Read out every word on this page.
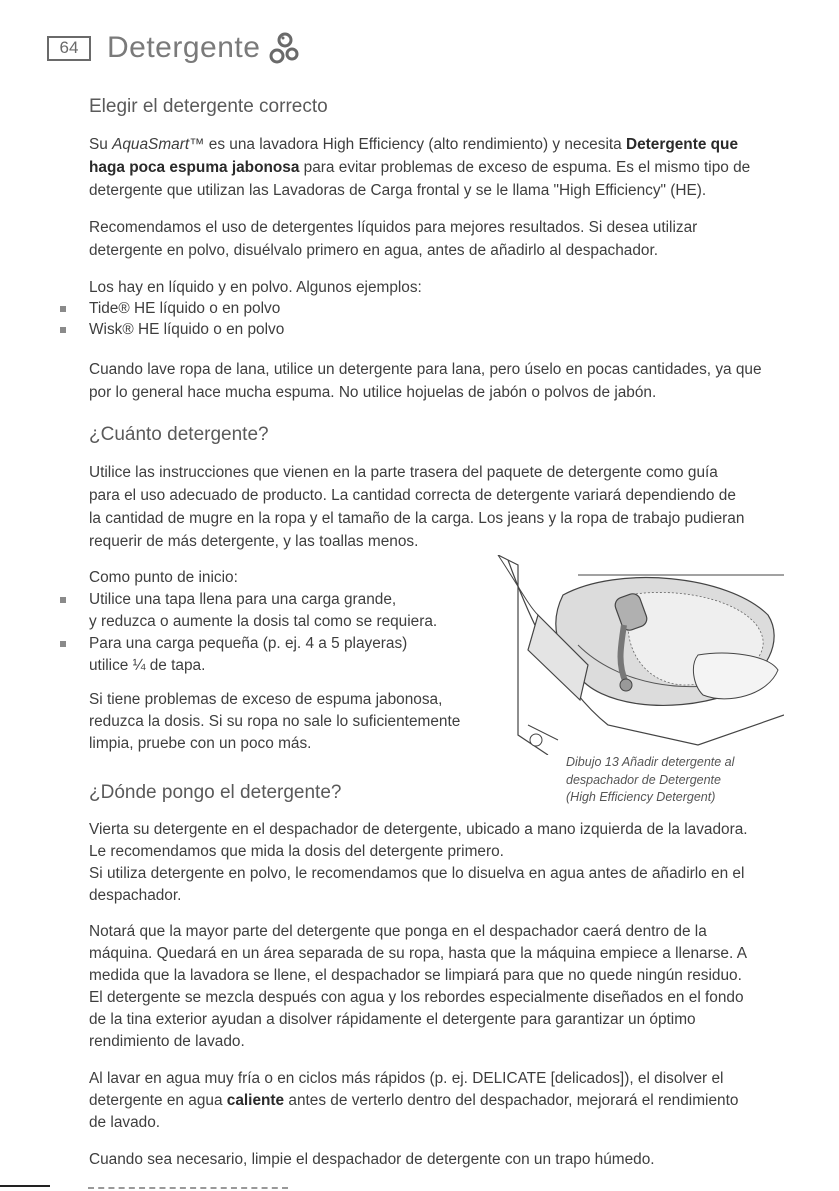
64 Detergente
Elegir el detergente correcto

Su AquaSmart™ es una lavadora High Efficiency (alto rendimiento) y necesita Detergente que

haga poca espuma jabonosa para evitar problemas de exceso de espuma. Es el mismo tipo de

detergente que utilizan las Lavadoras de Carga frontal y se le llama "High Efficiency" (HE).

Recomendamos el uso de detergentes líquidos para mejores resultados. Si desea utilizar

detergente en polvo, disuélvalo primero en agua, antes de añadirlo al despachador.

Los hay en líquido y en polvo. Algunos ejemplos:

Tide® HE líquido o en polvo
Wisk® HE líquido o en polvo

Cuando lave ropa de lana, utilice un detergente para lana, pero úselo en pocas cantidades, ya que

por lo general hace mucha espuma. No utilice hojuelas de jabón o polvos de jabón.

¿Cuánto detergente?

Utilice las instrucciones que vienen en la parte trasera del paquete de detergente como guía

para el uso adecuado de producto. La cantidad correcta de detergente variará dependiendo de

la cantidad de mugre en la ropa y el tamaño de la carga. Los jeans y la ropa de trabajo pudieran

requerir de más detergente, y las toallas menos.

Como punto de inicio:

Utilice una tapa llena para una carga grande,
y reduzca o aumente la dosis tal como se requiera.
Para una carga pequeña (p. ej. 4 a 5 playeras)
utilice ¼ de tapa.

Si tiene problemas de exceso de espuma jabonosa,

reduzca la dosis. Si su ropa no sale lo suficientemente

limpia, pruebe con un poco más.

Dibujo 13 Añadir detergente al
despachador de Detergente
(High Efficiency Detergent)
¿Dónde pongo el detergente?

Vierta su detergente en el despachador de detergente, ubicado a mano izquierda de la lavadora.

Le recomendamos que mida la dosis del detergente primero.

Si utiliza detergente en polvo, le recomendamos que lo disuelva en agua antes de añadirlo en el

despachador.

Notará que la mayor parte del detergente que ponga en el despachador caerá dentro de la

máquina. Quedará en un área separada de su ropa, hasta que la máquina empiece a llenarse. A

medida que la lavadora se llene, el despachador se limpiará para que no quede ningún residuo.

El detergente se mezcla después con agua y los rebordes especialmente diseñados en el fondo

de la tina exterior ayudan a disolver rápidamente el detergente para garantizar un óptimo

rendimiento de lavado.

Al lavar en agua muy fría o en ciclos más rápidos (p. ej. DELICATE [delicados]), el disolver el

detergente en agua caliente antes de verterlo dentro del despachador, mejorará el rendimiento

de lavado.

Cuando sea necesario, limpie el despachador de detergente con un trapo húmedo.
